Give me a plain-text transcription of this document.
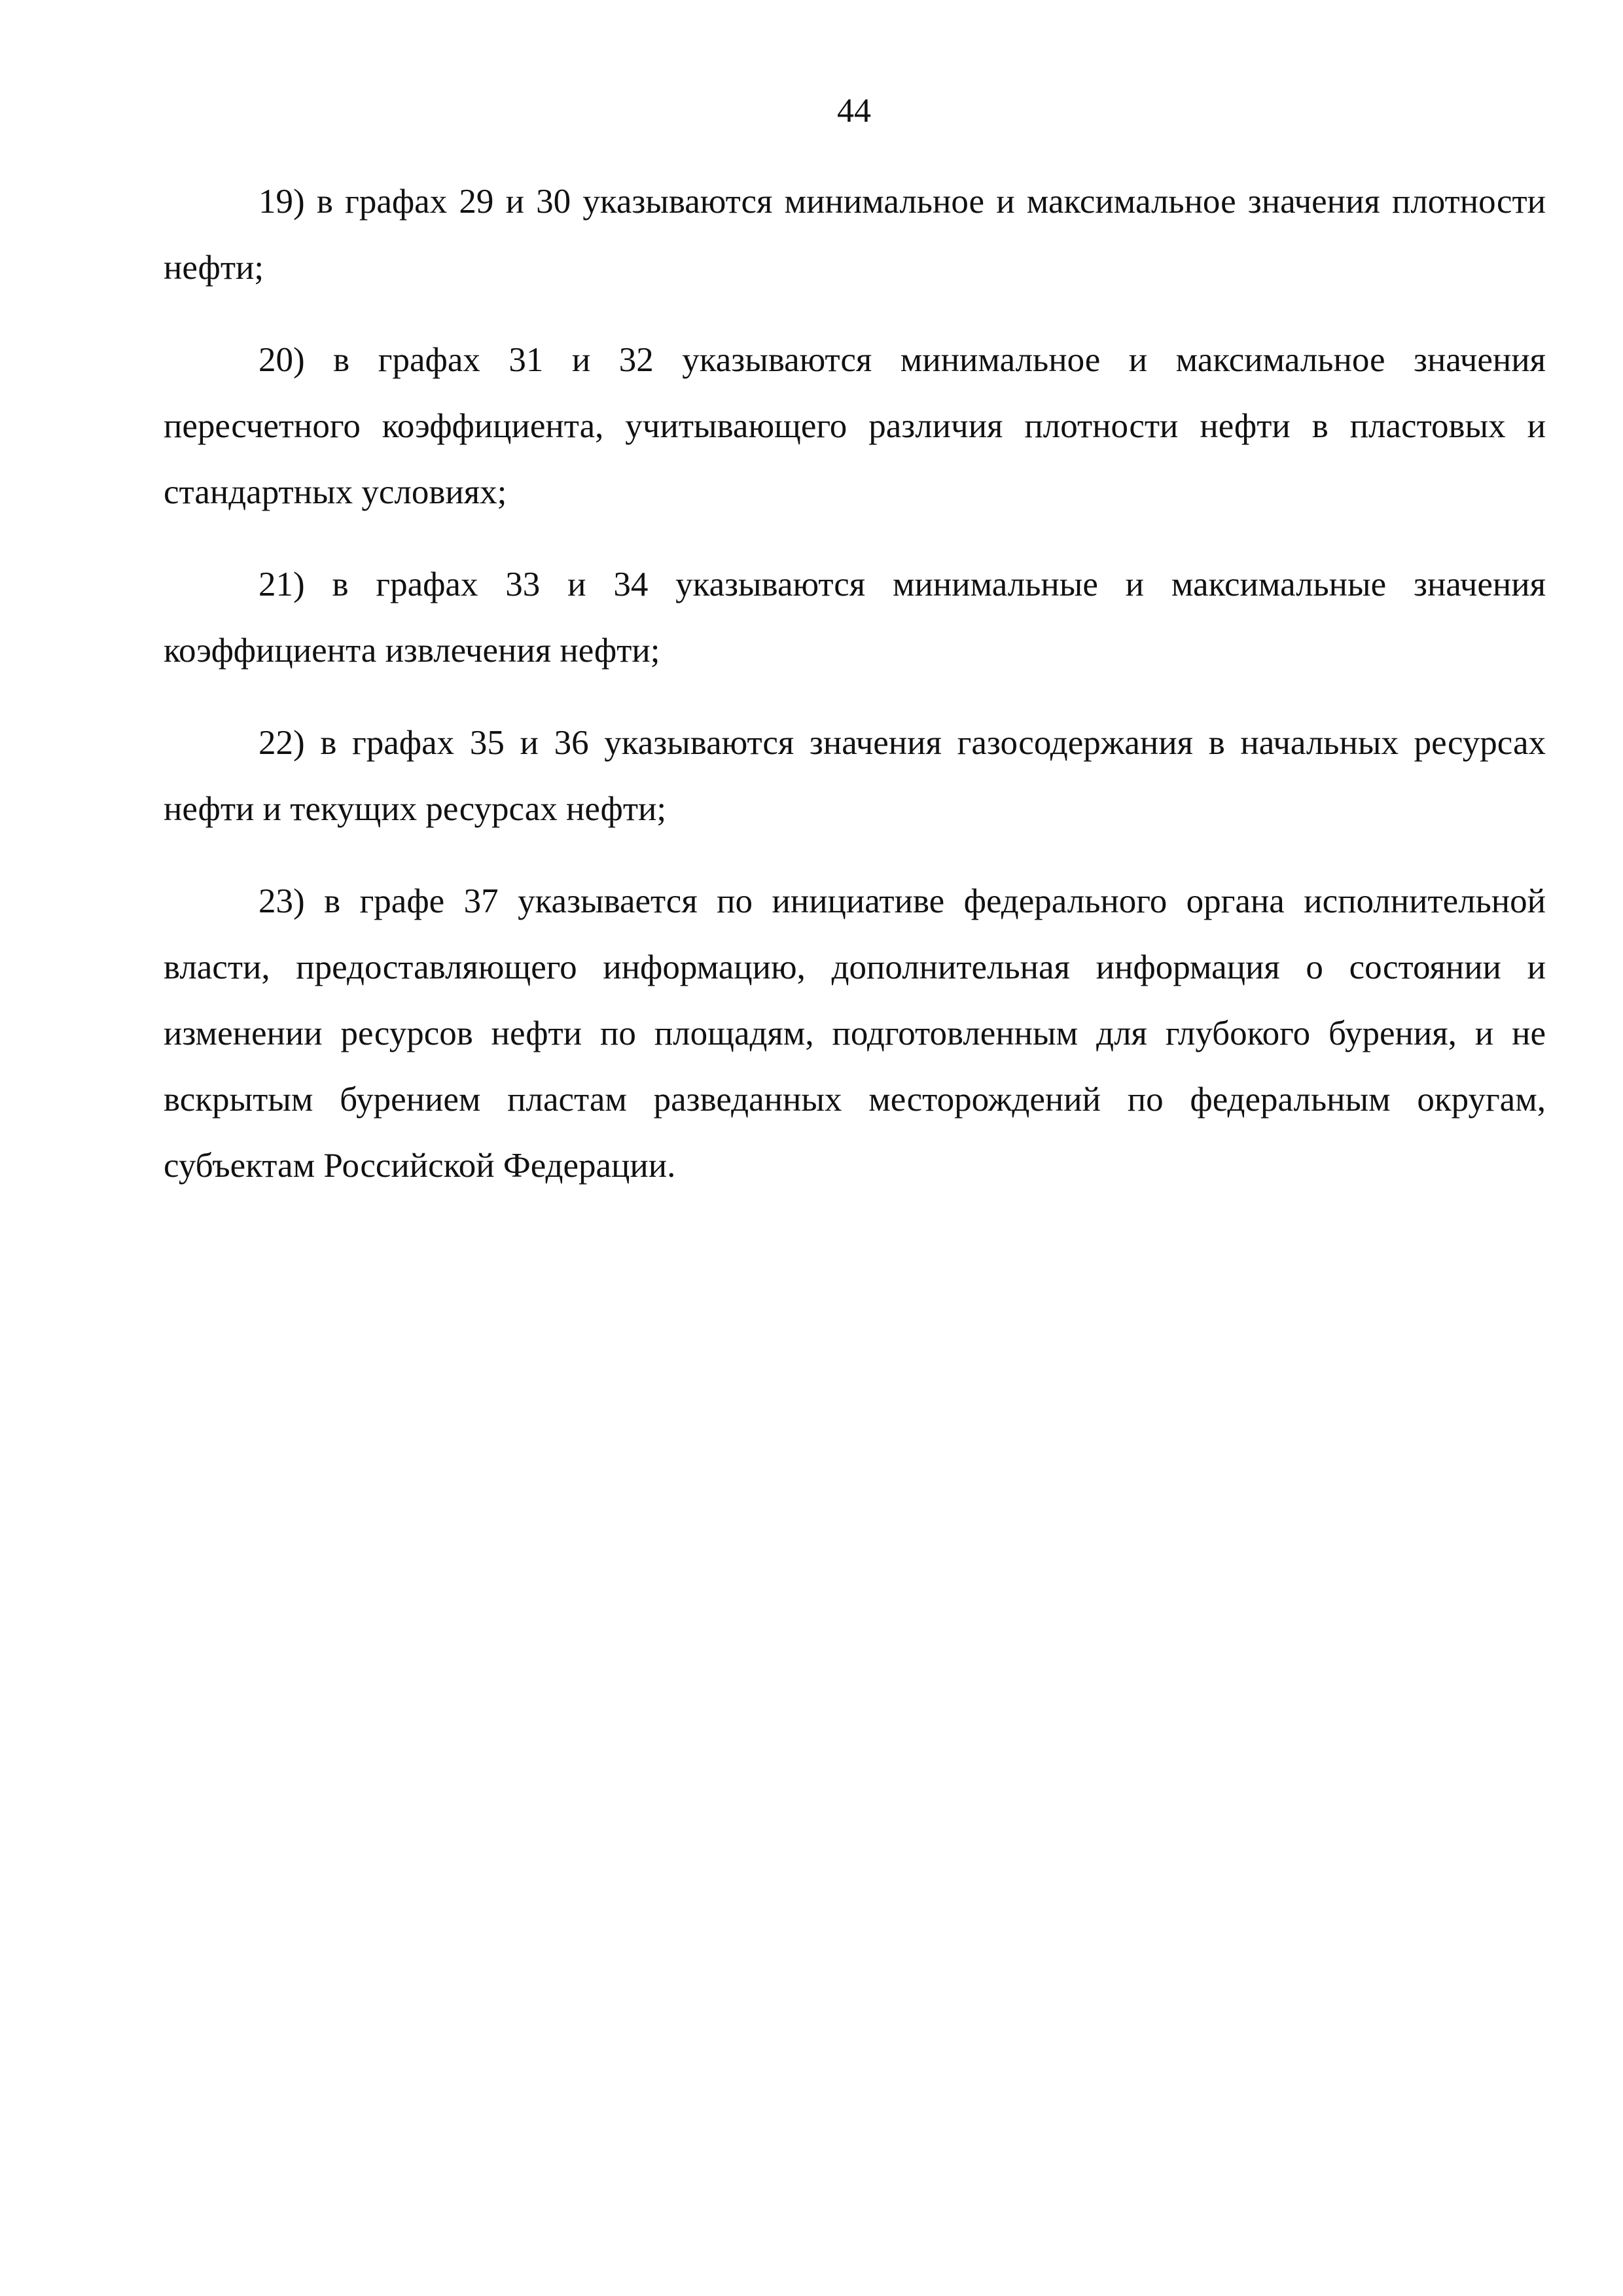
44

19) в графах 29 и 30 указываются минимальное и максимальное значения плотности нефти;

20) в графах 31 и 32 указываются минимальное и максимальное значения пересчетного коэффициента, учитывающего различия плотности нефти в пластовых и стандартных условиях;

21) в графах 33 и 34 указываются минимальные и максимальные значения коэффициента извлечения нефти;

22) в графах 35 и 36 указываются значения газосодержания в начальных ресурсах нефти и текущих ресурсах нефти;

23) в графе 37 указывается по инициативе федерального органа исполнительной власти, предоставляющего информацию, дополнительная информация о состоянии и изменении ресурсов нефти по площадям, подготовленным для глубокого бурения, и не вскрытым бурением пластам разведанных месторождений по федеральным округам, субъектам Российской Федерации.
